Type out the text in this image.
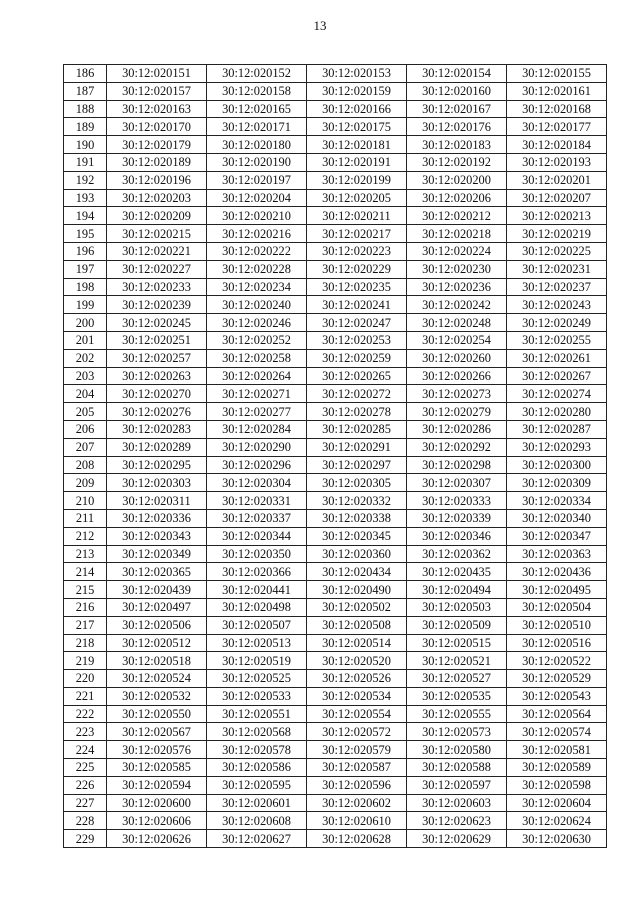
13
186	30:12:020151	30:12:020152	30:12:020153	30:12:020154	30:12:020155
187	30:12:020157	30:12:020158	30:12:020159	30:12:020160	30:12:020161
188	30:12:020163	30:12:020165	30:12:020166	30:12:020167	30:12:020168
189	30:12:020170	30:12:020171	30:12:020175	30:12:020176	30:12:020177
190	30:12:020179	30:12:020180	30:12:020181	30:12:020183	30:12:020184
191	30:12:020189	30:12:020190	30:12:020191	30:12:020192	30:12:020193
192	30:12:020196	30:12:020197	30:12:020199	30:12:020200	30:12:020201
193	30:12:020203	30:12:020204	30:12:020205	30:12:020206	30:12:020207
194	30:12:020209	30:12:020210	30:12:020211	30:12:020212	30:12:020213
195	30:12:020215	30:12:020216	30:12:020217	30:12:020218	30:12:020219
196	30:12:020221	30:12:020222	30:12:020223	30:12:020224	30:12:020225
197	30:12:020227	30:12:020228	30:12:020229	30:12:020230	30:12:020231
198	30:12:020233	30:12:020234	30:12:020235	30:12:020236	30:12:020237
199	30:12:020239	30:12:020240	30:12:020241	30:12:020242	30:12:020243
200	30:12:020245	30:12:020246	30:12:020247	30:12:020248	30:12:020249
201	30:12:020251	30:12:020252	30:12:020253	30:12:020254	30:12:020255
202	30:12:020257	30:12:020258	30:12:020259	30:12:020260	30:12:020261
203	30:12:020263	30:12:020264	30:12:020265	30:12:020266	30:12:020267
204	30:12:020270	30:12:020271	30:12:020272	30:12:020273	30:12:020274
205	30:12:020276	30:12:020277	30:12:020278	30:12:020279	30:12:020280
206	30:12:020283	30:12:020284	30:12:020285	30:12:020286	30:12:020287
207	30:12:020289	30:12:020290	30:12:020291	30:12:020292	30:12:020293
208	30:12:020295	30:12:020296	30:12:020297	30:12:020298	30:12:020300
209	30:12:020303	30:12:020304	30:12:020305	30:12:020307	30:12:020309
210	30:12:020311	30:12:020331	30:12:020332	30:12:020333	30:12:020334
211	30:12:020336	30:12:020337	30:12:020338	30:12:020339	30:12:020340
212	30:12:020343	30:12:020344	30:12:020345	30:12:020346	30:12:020347
213	30:12:020349	30:12:020350	30:12:020360	30:12:020362	30:12:020363
214	30:12:020365	30:12:020366	30:12:020434	30:12:020435	30:12:020436
215	30:12:020439	30:12:020441	30:12:020490	30:12:020494	30:12:020495
216	30:12:020497	30:12:020498	30:12:020502	30:12:020503	30:12:020504
217	30:12:020506	30:12:020507	30:12:020508	30:12:020509	30:12:020510
218	30:12:020512	30:12:020513	30:12:020514	30:12:020515	30:12:020516
219	30:12:020518	30:12:020519	30:12:020520	30:12:020521	30:12:020522
220	30:12:020524	30:12:020525	30:12:020526	30:12:020527	30:12:020529
221	30:12:020532	30:12:020533	30:12:020534	30:12:020535	30:12:020543
222	30:12:020550	30:12:020551	30:12:020554	30:12:020555	30:12:020564
223	30:12:020567	30:12:020568	30:12:020572	30:12:020573	30:12:020574
224	30:12:020576	30:12:020578	30:12:020579	30:12:020580	30:12:020581
225	30:12:020585	30:12:020586	30:12:020587	30:12:020588	30:12:020589
226	30:12:020594	30:12:020595	30:12:020596	30:12:020597	30:12:020598
227	30:12:020600	30:12:020601	30:12:020602	30:12:020603	30:12:020604
228	30:12:020606	30:12:020608	30:12:020610	30:12:020623	30:12:020624
229	30:12:020626	30:12:020627	30:12:020628	30:12:020629	30:12:020630
